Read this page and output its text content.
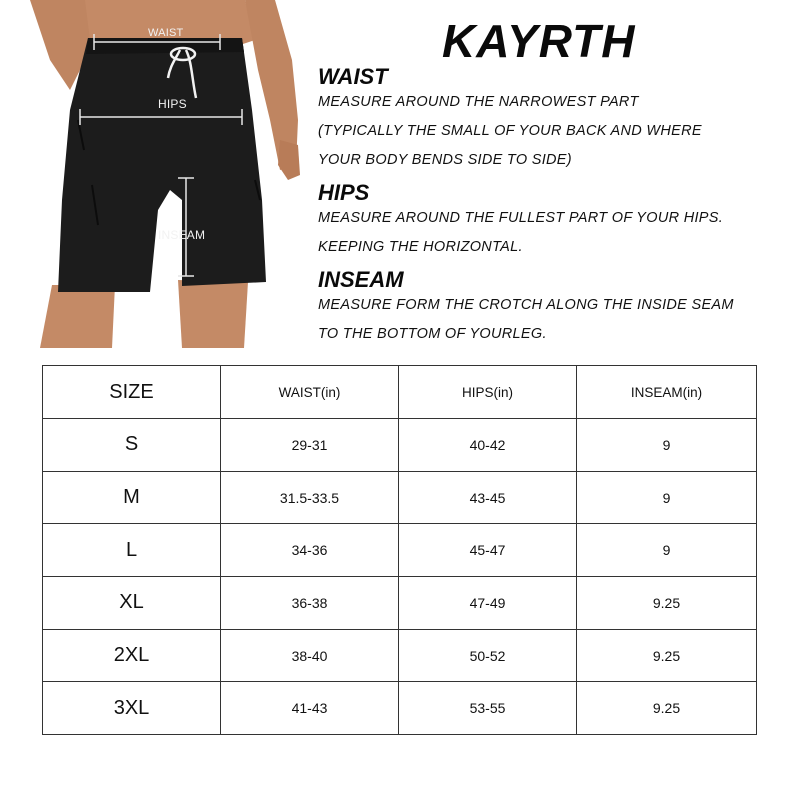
WAIST
HIPS
INSEAM
KAYRTH
WAIST
MEASURE AROUND THE NARROWEST PART
(TYPICALLY THE SMALL OF YOUR BACK AND WHERE
YOUR BODY BENDS SIDE TO SIDE)
HIPS
MEASURE AROUND THE FULLEST PART OF YOUR HIPS.
KEEPING THE HORIZONTAL.
INSEAM
MEASURE FORM THE CROTCH ALONG THE INSIDE SEAM
TO THE BOTTOM OF YOURLEG.
SIZE	WAIST(in)	HIPS(in)	INSEAM(in)
S	29-31	40-42	9
M	31.5-33.5	43-45	9
L	34-36	45-47	9
XL	36-38	47-49	9.25
2XL	38-40	50-52	9.25
3XL	41-43	53-55	9.25
